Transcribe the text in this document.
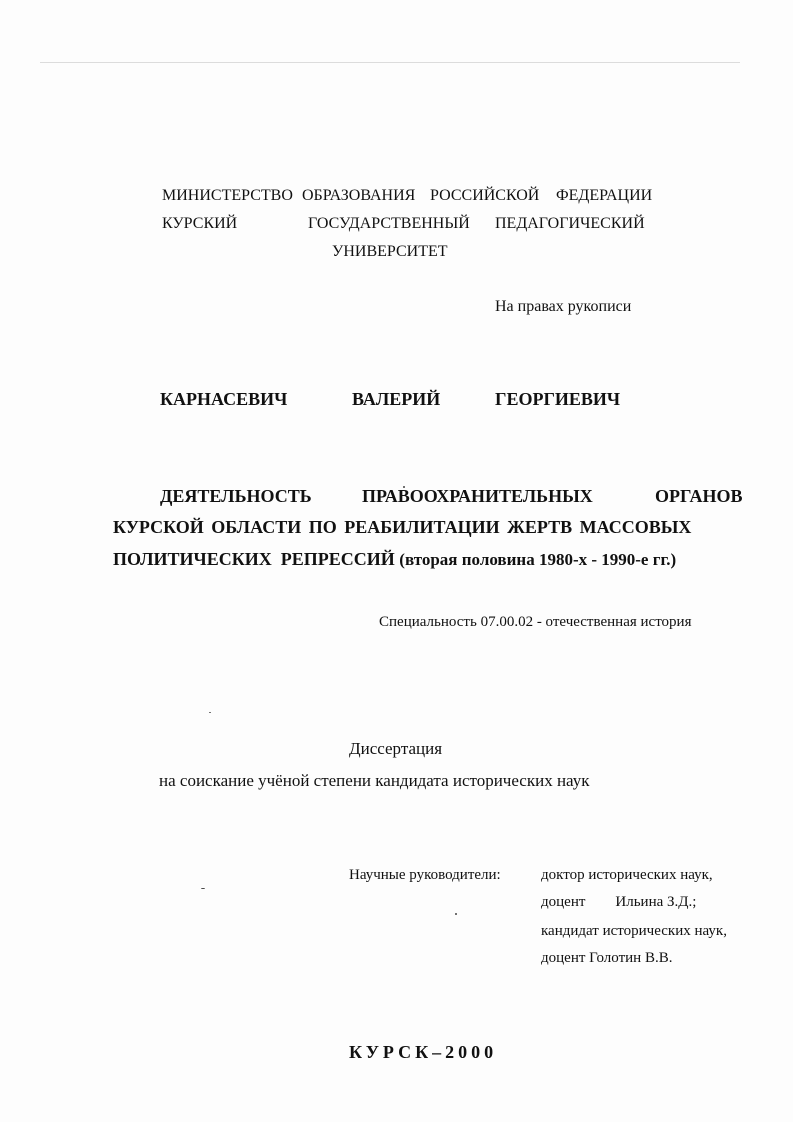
МИНИСТЕРСТВО ОБРАЗОВАНИЯ РОССИЙСКОЙ ФЕДЕРАЦИИ
КУРСКИЙ	ГОСУДАРСТВЕННЫЙ ПЕДАГОГИЧЕСКИЙ
УНИВЕРСИТЕТ
На правах рукописи
КАРНАСЕВИЧ	ВАЛЕРИЙ	ГЕОРГИЕВИЧ
ДЕЯТЕЛЬНОСТЬ	ПРАВООХРАНИТЕЛЬНЫХ	ОРГАНОВ
КУРСКОЙ ОБЛАСТИ ПО РЕАБИЛИТАЦИИ ЖЕРТВ МАССОВЫХ
ПОЛИТИЧЕСКИХ  РЕПРЕССИЙ (вторая половина 1980-х - 1990-е гг.)
Специальность 07.00.02 - отечественная история
Диссертация
на соискание учёной степени кандидата исторических наук
Научные руководители:	доктор исторических наук,
доцент        Ильина З.Д.;
кандидат исторических наук,
доцент Голотин В.В.
КУРСК–2000
